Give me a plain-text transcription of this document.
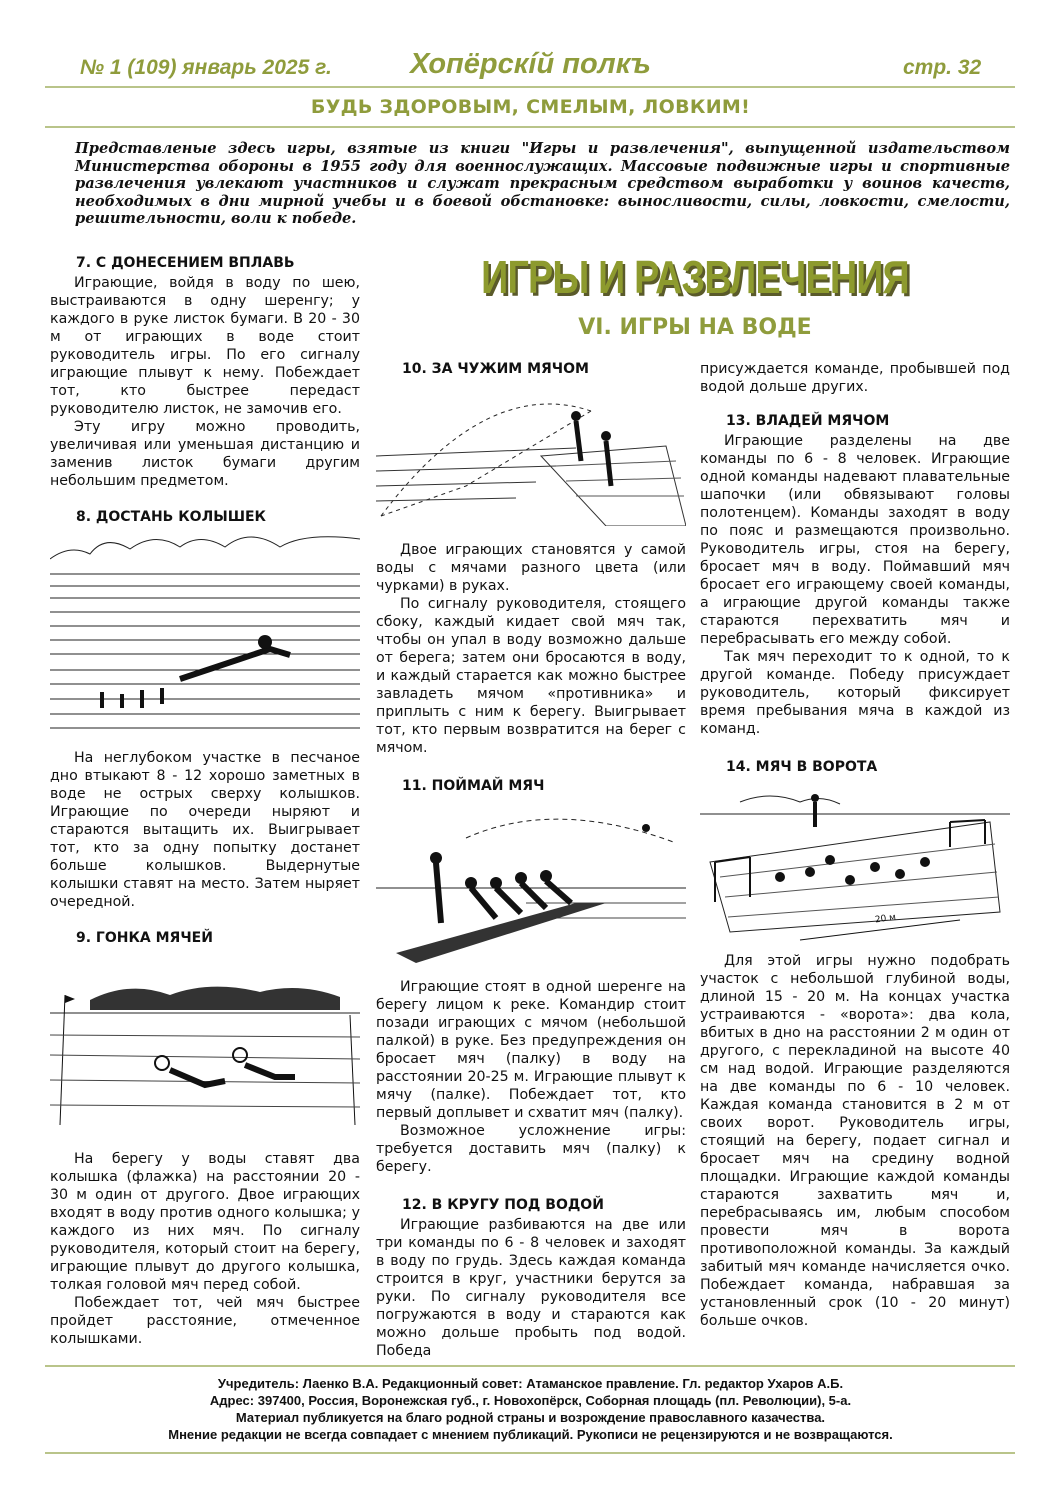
№ 1 (109) январь 2025 г.	Хопёрскíй полкъ	стр. 32
БУДЬ ЗДОРОВЫМ, СМЕЛЫМ, ЛОВКИМ!
Представленые здесь игры, взятые из книги "Игры и развлечения", выпущенной издательством Министерства обороны в 1955 году для военнослужащих. Массовые подвижные игры и спортивные развлечения увлекают участников и служат прекрасным средством выработки у воинов качеств, необходимых в дни мирной учебы и в боевой обстановке: выносливости, силы, ловкости, смелости, решительности, воли к победе.
ИГРЫ И РАЗВЛЕЧЕНИЯ
VI. ИГРЫ НА ВОДЕ
7. С ДОНЕСЕНИЕМ ВПЛАВЬ

Играющие, войдя в воду по шею, выстраиваются в одну шеренгу; у каждого в руке листок бумаги. В 20 - 30 м от играющих в воде стоит руководитель игры. По его сигналу играющие плывут к нему. Побеждает тот, кто быстрее передаст руководителю листок, не замочив его.

Эту игру можно проводить, увеличивая или уменьшая дистанцию и заменив листок бумаги другим небольшим предметом.

8. ДОСТАНЬ КОЛЫШЕК

На неглубоком участке в песчаное дно втыкают 8 - 12 хорошо заметных в воде не острых сверху колышков. Играющие по очереди ныряют и стараются вытащить их. Выигрывает тот, кто за одну попытку достанет больше колышков. Выдернутые колышки ставят на место. Затем ныряет очередной.

9. ГОНКА МЯЧЕЙ

На берегу у воды ставят два колышка (флажка) на расстоянии 20 - 30 м один от другого. Двое играющих входят в воду против одного колышка; у каждого из них мяч. По сигналу руководителя, который стоит на берегу, играющие плывут до другого колышка, толкая головой мяч перед собой.

Побеждает тот, чей мяч быстрее пройдет расстояние, отмеченное колышками.

10. ЗА ЧУЖИМ МЯЧОМ

Двое играющих становятся у самой воды с мячами разного цвета (или чурками) в руках.

По сигналу руководителя, стоящего сбоку, каждый кидает свой мяч так, чтобы он упал в воду возможно дальше от берега; затем они бросаются в воду, и каждый старается как можно быстрее завладеть мячом «противника» и приплыть с ним к берегу. Выигрывает тот, кто первым возвратится на берег с мячом.

11. ПОЙМАЙ МЯЧ

Играющие стоят в одной шеренге на берегу лицом к реке. Командир стоит позади играющих с мячом (небольшой палкой) в руке. Без предупреждения он бросает мяч (палку) в воду на расстоянии 20-25 м. Играющие плывут к мячу (палке). Побеждает тот, кто первый доплывет и схватит мяч (палку).

Возможное усложнение игры: требуется доставить мяч (палку) к берегу.

12. В КРУГУ ПОД ВОДОЙ

Играющие разбиваются на две или три команды по 6 - 8 человек и заходят в воду по грудь. Здесь каждая команда строится в круг, участники берутся за руки. По сигналу руководителя все погружаются в воду и стараются как можно дольше пробыть под водой. Победа

присуждается команде, пробывшей под водой дольше других.

13. ВЛАДЕЙ МЯЧОМ

Играющие разделены на две команды по 6 - 8 человек. Играющие одной команды надевают плавательные шапочки (или обвязывают головы полотенцем). Команды заходят в воду по пояс и размещаются произвольно. Руководитель игры, стоя на берегу, бросает мяч в воду. Поймавший мяч бросает его играющему своей команды, а играющие другой команды также стараются перехватить мяч и перебрасывать его между собой.

Так мяч переходит то к одной, то к другой команде. Победу присуждает руководитель, который фиксирует время пребывания мяча в каждой из команд.

14. МЯЧ В ВОРОТА
20 м

Для этой игры нужно подобрать участок с небольшой глубиной воды, длиной 15 - 20 м. На концах участка устраиваются - «ворота»: два кола, вбитых в дно на расстоянии 2 м один от другого, с перекладиной на высоте 40 см над водой. Играющие разделяются на две команды по 6 - 10 человек. Каждая команда становится в 2 м от своих ворот. Руководитель игры, стоящий на берегу, подает сигнал и бросает мяч на средину водной площадки. Играющие каждой команды стараются захватить мяч и, перебрасываясь им, любым способом провести мяч в ворота противоположной команды. За каждый забитый мяч команде начисляется очко. Побеждает команда, набравшая за установленный срок (10 - 20 минут) больше очков.

Учредитель: Лаенко В.А. Редакционный совет: Атаманское правление. Гл. редактор Ухаров А.Б.
Адрес: 397400, Россия, Воронежская губ., г. Новохопёрск, Соборная площадь (пл. Революции), 5-а.
Материал публикуется на благо родной страны и возрождение православного казачества.
Мнение редакции не всегда совпадает с мнением публикаций. Рукописи не рецензируются и не возвращаются.
